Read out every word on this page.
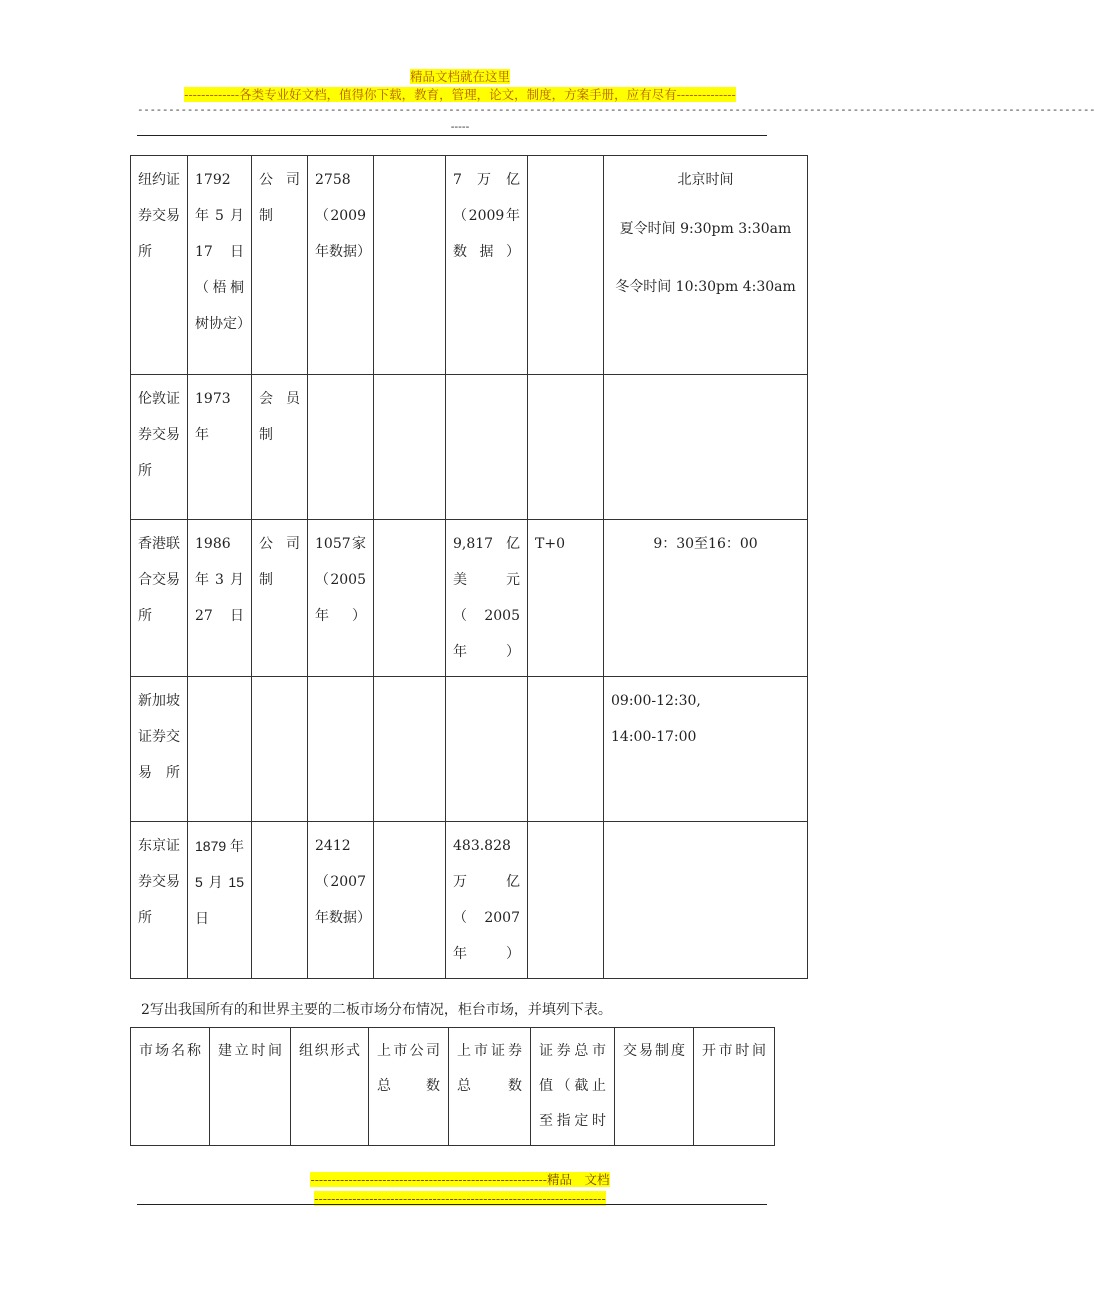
精品文档就在这里
-------------各类专业好文档，值得你下载，教育，管理，论文，制度，方案手册，应有尽有--------------
----------------------------------------------------------------------------------------------------------------------------------------------------------
-----
纽约证券交易所	1792年5月17日（梧桐树协定）	公司制	2758（2009年数据）		7万亿（2009年数据）		北京时间
夏令时间 9:30pm 3:30am
冬令时间 10:30pm 4:30am

伦敦证券交易所	1973年	会员制					
香港联合交易所	1986年3月27日	公司制	1057家（2005年）		9,817亿美元（2005年）	T+0	9：30至16：00
新加坡证券交易所							09:00-12:30,
14:00-17:00

东京证券交易所	1879年5月15日		2412（2007年数据）		483.828万亿（2007年）		
2写出我国所有的和世界主要的二板市场分布情况，柜台市场，并填列下表。
市场名称	建立时间	组织形式	上市公司总数	上市证券总数	证券总市值（截止至指定时	交易制度	开市时间
--------------------------------------------------------精品　文档
---------------------------------------------------------------------
